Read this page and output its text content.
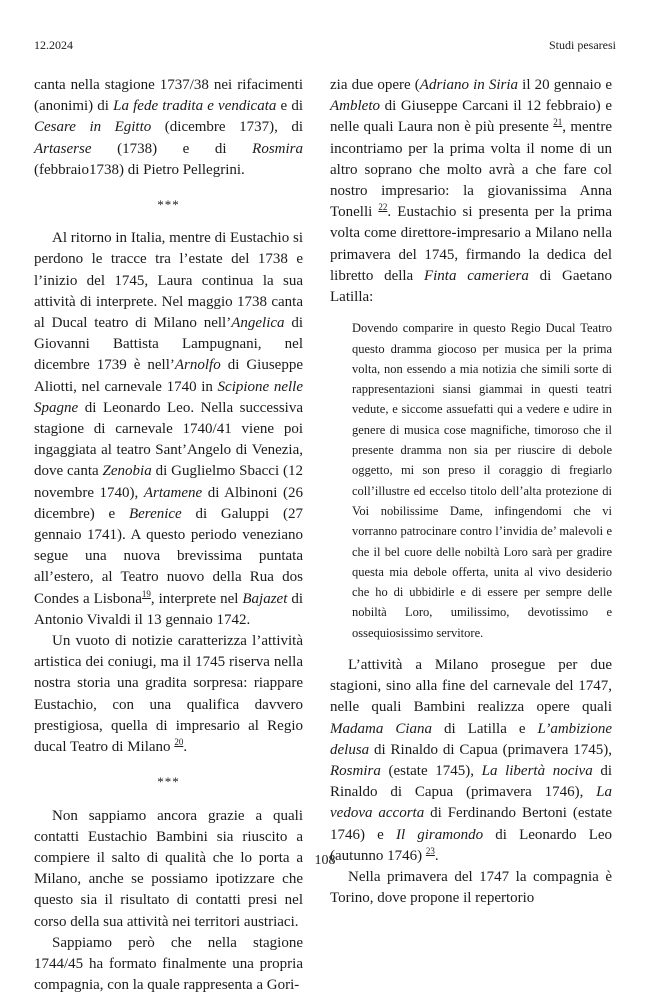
12.2024	Studi pesaresi

canta nella stagione 1737/38 nei rifacimenti (anonimi) di La fede tradita e vendicata e di Cesare in Egitto (dicembre 1737), di Artaserse (1738) e di Rosmira (febbraio1738) di Pietro Pellegrini.

***

Al ritorno in Italia, mentre di Eustachio si perdono le tracce tra l’estate del 1738 e l’inizio del 1745, Laura continua la sua attività di interprete. Nel maggio 1738 canta al Ducal teatro di Milano nell’Angelica di Giovanni Battista Lampugnani, nel dicembre 1739 è nell’Arnolfo di Giuseppe Aliotti, nel carnevale 1740 in Scipione nelle Spagne di Leonardo Leo. Nella successiva stagione di carnevale 1740/41 viene poi ingaggiata al teatro Sant’Angelo di Venezia, dove canta Zenobia di Guglielmo Sbacci (12 novembre 1740), Artamene di Albinoni (26 dicembre) e Berenice di Galuppi (27 gennaio 1741). A questo periodo veneziano segue una nuova brevissima puntata all’estero, al Teatro nuovo della Rua dos Condes a Lisbona$^{19}$, interprete nel Bajazet di Antonio Vivaldi il 13 gennaio 1742.

Un vuoto di notizie caratterizza l’attività artistica dei coniugi, ma il 1745 riserva nella nostra storia una gradita sorpresa: riappare Eustachio, con una qualifica davvero prestigiosa, quella di impresario al Regio ducal Teatro di Milano $^{20}$.

***

Non sappiamo ancora grazie a quali contatti Eustachio Bambini sia riuscito a compiere il salto di qualità che lo porta a Milano, anche se possiamo ipotizzare che questo sia il risultato di contatti presi nel corso della sua attività nei territori austriaci.

Sappiamo però che nella stagione 1744/45 ha formato finalmente una propria compagnia, con la quale rappresenta a Gori-

zia due opere (Adriano in Siria il 20 gennaio e Ambleto di Giuseppe Carcani il 12 febbraio) e nelle quali Laura non è più presente $^{21}$, mentre incontriamo per la prima volta il nome di un altro soprano che molto avrà a che fare col nostro impresario: la giovanissima Anna Tonelli $^{22}$. Eustachio si presenta per la prima volta come direttore-impresario a Milano nella primavera del 1745, firmando la dedica del libretto della Finta cameriera di Gaetano Latilla:

Dovendo comparire in questo Regio Ducal Teatro questo dramma giocoso per musica per la prima volta, non essendo a mia notizia che simili sorte di rappresentazioni siansi giammai in questi teatri vedute, e siccome assuefatti qui a vedere e udire in genere di musica cose magnifiche, timoroso che il presente dramma non sia per riuscire di debole oggetto, mi son preso il coraggio di fregiarlo coll’illustre ed eccelso titolo dell’alta protezione di Voi nobilissime Dame, infingendomi che vi vorranno patrocinare contro l’invidia de’ malevoli e che il bel cuore delle nobiltà Loro sarà per gradire questa mia debole offerta, unita al vivo desiderio che ho di ubbidirle e di essere per sempre delle nobiltà Loro, umilissimo, devotissimo e ossequiosissimo servitore.

L’attività a Milano prosegue per due stagioni, sino alla fine del carnevale del 1747, nelle quali Bambini realizza opere quali Madama Ciana di Latilla e L’ambizione delusa di Rinaldo di Capua (primavera 1745), Rosmira (estate 1745), La libertà nociva di Rinaldo di Capua (primavera 1746), La vedova accorta di Ferdinando Bertoni (estate 1746) e Il giramondo di Leonardo Leo (autunno 1746) $^{23}$.

Nella primavera del 1747 la compagnia è Torino, dove propone il repertorio

108
